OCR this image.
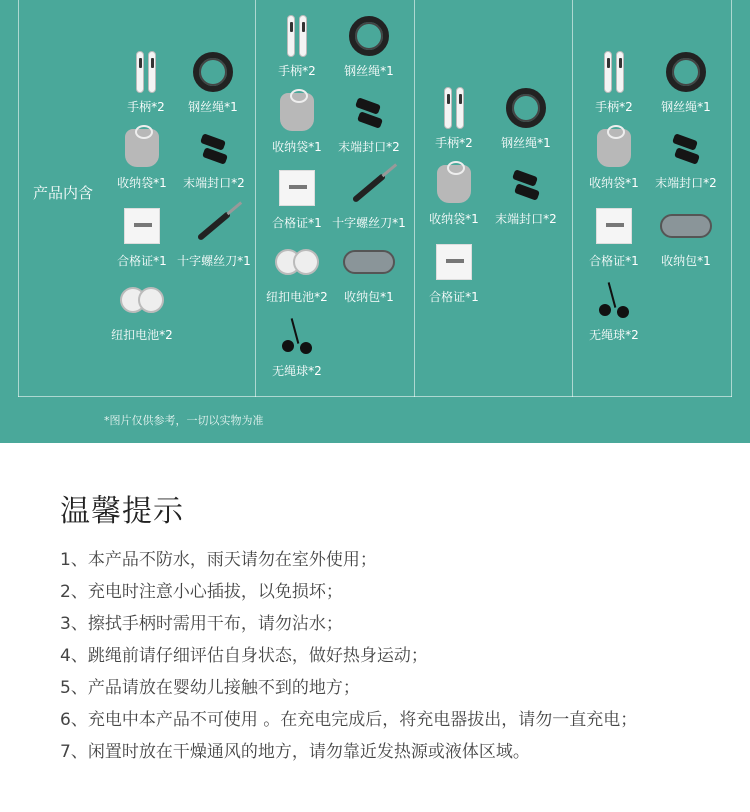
产品内含
手柄*2	钢丝绳*1
收纳袋*1	末端封口*2
合格证*1 十字螺丝刀*1
纽扣电池*2
手柄*2	钢丝绳*1
收纳袋*1	末端封口*2
合格证*1 十字螺丝刀*1
纽扣电池*2	收纳包*1
无绳球*2
手柄*2	钢丝绳*1
收纳袋*1	末端封口*2
合格证*1
手柄*2	钢丝绳*1
收纳袋*1	末端封口*2
合格证*1	收纳包*1
无绳球*2
*图片仅供参考，一切以实物为准
温馨提示
1、本产品不防水，雨天请勿在室外使用；
2、充电时注意小心插拔，以免损坏；
3、擦拭手柄时需用干布，请勿沾水；
4、跳绳前请仔细评估自身状态，做好热身运动；
5、产品请放在婴幼儿接触不到的地方；
6、充电中本产品不可使用 。在充电完成后，将充电器拔出，请勿一直充电；
7、闲置时放在干燥通风的地方，请勿靠近发热源或液体区域。
